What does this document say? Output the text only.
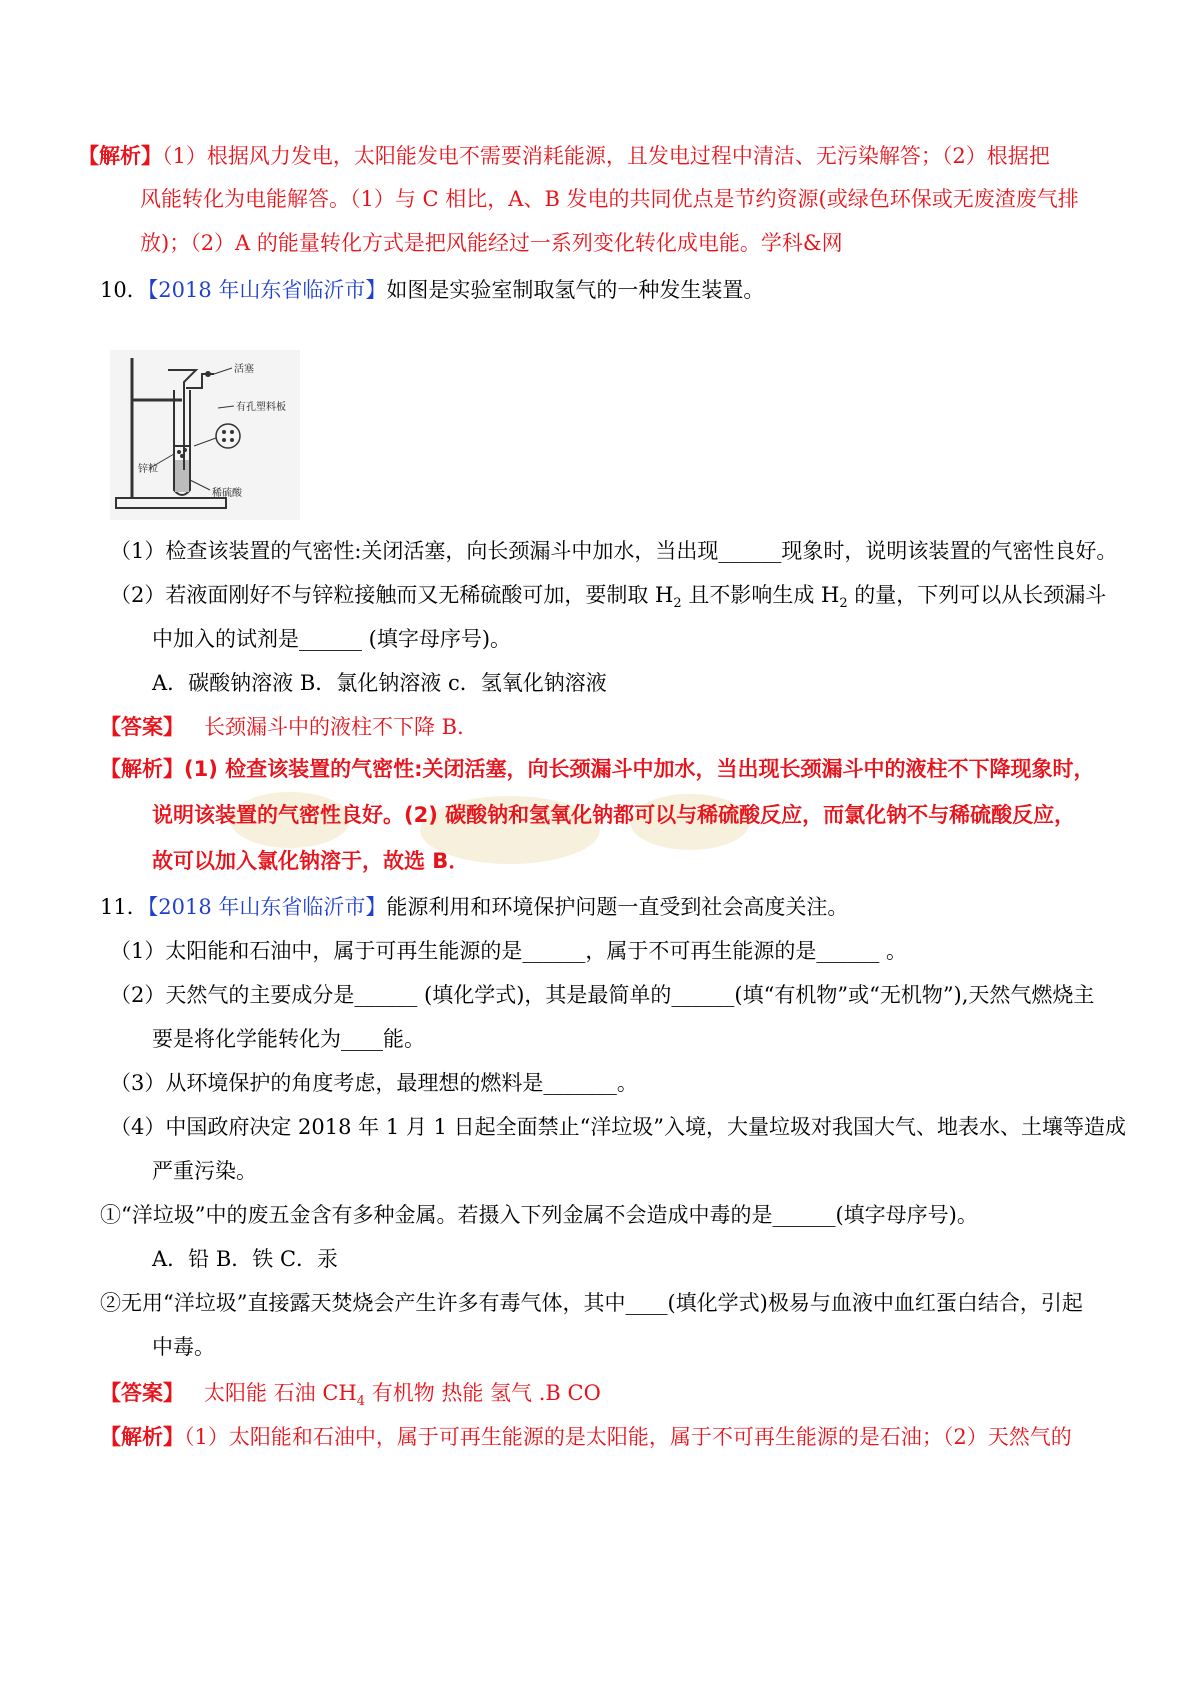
【解析】（1）根据风力发电，太阳能发电不需要消耗能源，且发电过程中清洁、无污染解答；（2）根据把
风能转化为电能解答。（1）与 C 相比，A、B 发电的共同优点是节约资源(或绿色环保或无废渣废气排
放)；（2）A 的能量转化方式是把风能经过一系列变化转化成电能。学科&网
10．【2018 年山东省临沂市】如图是实验室制取氢气的一种发生装置。
活塞
有孔塑料板
锌粒
稀硫酸
（1）检查该装置的气密性:关闭活塞，向长颈漏斗中加水，当出现______现象时，说明该装置的气密性良好。
（2）若液面刚好不与锌粒接触而又无稀硫酸可加，要制取 $H_2$ 且不影响生成 $H_2$ 的量，下列可以从长颈漏斗
中加入的试剂是______ (填字母序号)。
A．碳酸钠溶液 B．氯化钠溶液 c．氢氧化钠溶液
【答案】 长颈漏斗中的液柱不下降 B．
【解析】(1) 检查该装置的气密性:关闭活塞，向长颈漏斗中加水，当出现长颈漏斗中的液柱不下降现象时，
说明该装置的气密性良好。(2) 碳酸钠和氢氧化钠都可以与稀硫酸反应，而氯化钠不与稀硫酸反应，
故可以加入氯化钠溶于，故选 B．
11．【2018 年山东省临沂市】能源利用和环境保护问题一直受到社会高度关注。
（1）太阳能和石油中，属于可再生能源的是______，属于不可再生能源的是______ 。
（2）天然气的主要成分是______ (填化学式)，其是最简单的______(填“有机物”或“无机物”),天然气燃烧主
要是将化学能转化为____能。
（3）从环境保护的角度考虑，最理想的燃料是_______。
（4）中国政府决定 2018 年 1 月 1 日起全面禁止“洋垃圾”入境，大量垃圾对我国大气、地表水、土壤等造成
严重污染。
①“洋垃圾”中的废五金含有多种金属。若摄入下列金属不会造成中毒的是______(填字母序号)。
A．铅 B．铁 C．汞
②无用“洋垃圾”直接露天焚烧会产生许多有毒气体，其中____(填化学式)极易与血液中血红蛋白结合，引起
中毒。
【答案】 太阳能 石油 $CH_4$ 有机物 热能 氢气 .B CO
【解析】（1）太阳能和石油中，属于可再生能源的是太阳能，属于不可再生能源的是石油；（2）天然气的
